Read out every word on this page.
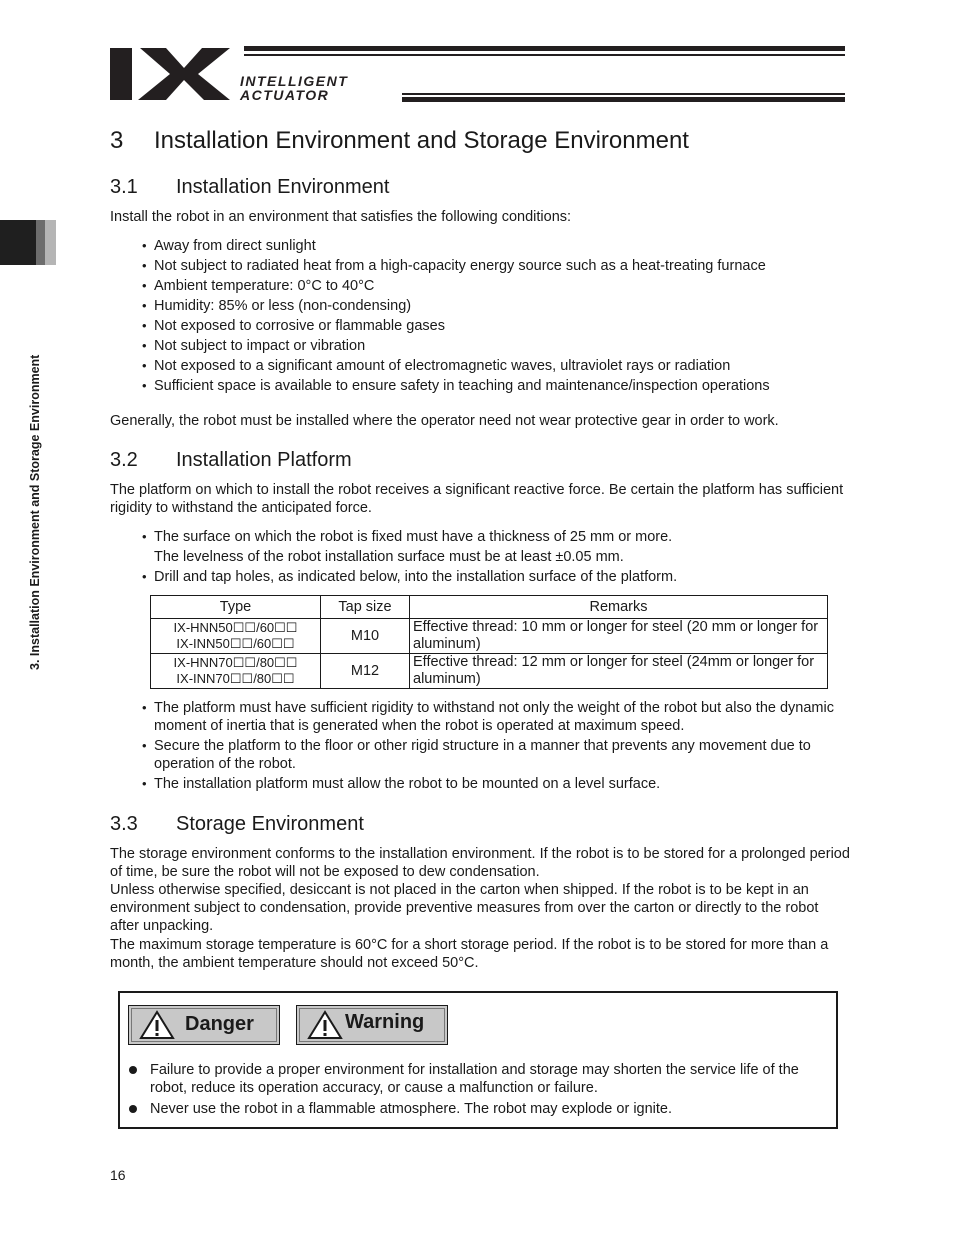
INTELLIGENT
ACTUATOR
3. Installation Environment and Storage Environment
3 Installation Environment and Storage Environment
3.1 Installation Environment

Install the robot in an environment that satisfies the following conditions:

• Away from direct sunlight
• Not subject to radiated heat from a high-capacity energy source such as a heat-treating furnace
• Ambient temperature: 0°C to 40°C
• Humidity: 85% or less (non-condensing)
• Not exposed to corrosive or flammable gases
• Not subject to impact or vibration
• Not exposed to a significant amount of electromagnetic waves, ultraviolet rays or radiation
• Sufficient space is available to ensure safety in teaching and maintenance/inspection operations

Generally, the robot must be installed where the operator need not wear protective gear in order to work.

3.2 Installation Platform

The platform on which to install the robot receives a significant reactive force. Be certain the platform has sufficient rigidity to withstand the anticipated force.

• The surface on which the robot is fixed must have a thickness of 25 mm or more.
The levelness of the robot installation surface must be at least ±0.05 mm.
• Drill and tap holes, as indicated below, into the installation surface of the platform.
Type	Tap size	Remarks

IX-HNN50☐☐/60☐☐
IX-INN50☐☐/60☐☐	M10	Effective thread: 10 mm or longer for steel (20 mm or longer for aluminum)

IX-HNN70☐☐/80☐☐
IX-INN70☐☐/80☐☐	M12	Effective thread: 12 mm or longer for steel (24mm or longer for aluminum)
• The platform must have sufficient rigidity to withstand not only the weight of the robot but also the dynamic moment of inertia that is generated when the robot is operated at maximum speed.
• Secure the platform to the floor or other rigid structure in a manner that prevents any movement due to operation of the robot.
• The installation platform must allow the robot to be mounted on a level surface.
3.3 Storage Environment

The storage environment conforms to the installation environment. If the robot is to be stored for a prolonged period of time, be sure the robot will not be exposed to dew condensation.

Unless otherwise specified, desiccant is not placed in the carton when shipped. If the robot is to be kept in an environment subject to condensation, provide preventive measures from over the carton or directly to the robot after unpacking.

The maximum storage temperature is 60°C for a short storage period. If the robot is to be stored for more than a month, the ambient temperature should not exceed 50°C.

Danger	Warning
Failure to provide a proper environment for installation and storage may shorten the service life of the robot, reduce its operation accuracy, or cause a malfunction or failure.
Never use the robot in a flammable atmosphere. The robot may explode or ignite.
16
